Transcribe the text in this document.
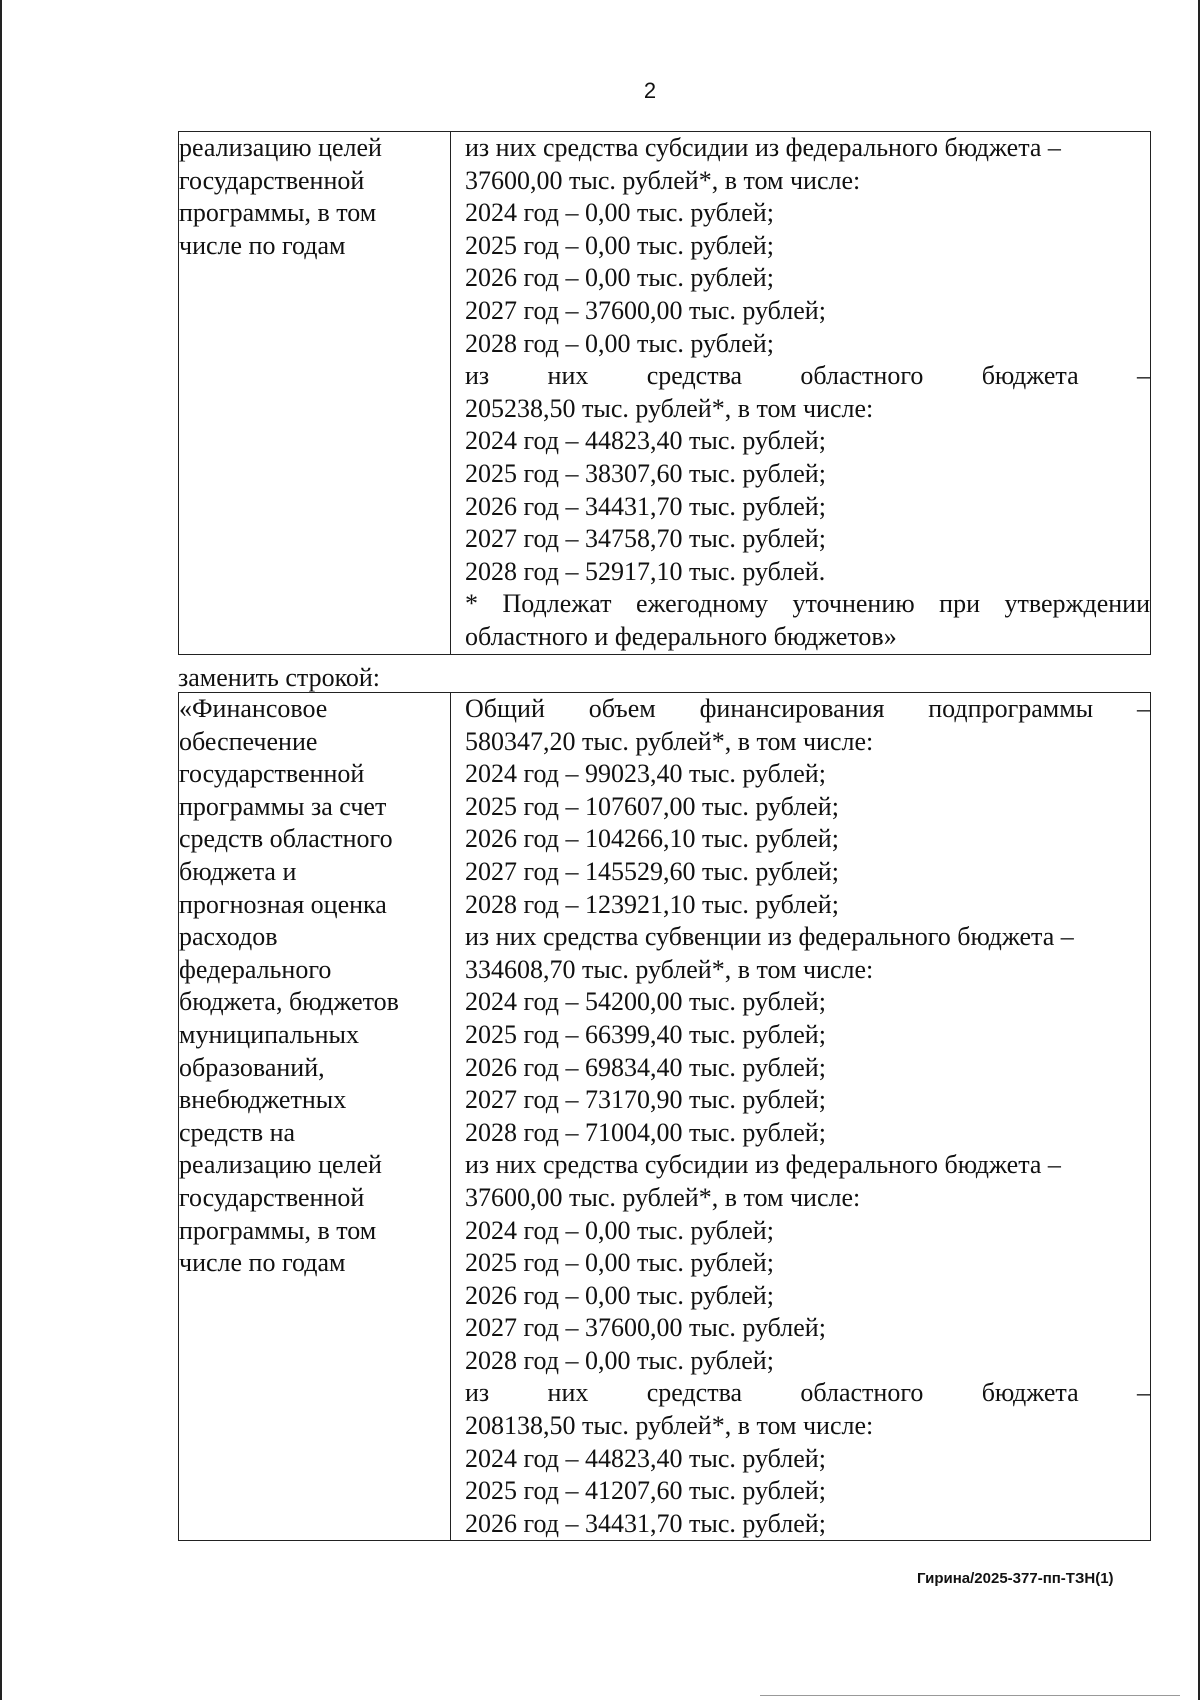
2
реализацию целей
государственной
программы, в том
числе по годам
из них средства субсидии из федерального бюджета –
37600,00 тыс. рублей*, в том числе:
2024 год – 0,00 тыс. рублей;
2025 год – 0,00 тыс. рублей;
2026 год – 0,00 тыс. рублей;
2027 год – 37600,00 тыс. рублей;
2028 год – 0,00 тыс. рублей;
из них средства областного бюджета –
205238,50 тыс. рублей*, в том числе:
2024 год – 44823,40 тыс. рублей;
2025 год – 38307,60 тыс. рублей;
2026 год – 34431,70 тыс. рублей;
2027 год – 34758,70 тыс. рублей;
2028 год – 52917,10 тыс. рублей.
* Подлежат ежегодному уточнению при утверждении
областного и федерального бюджетов»
заменить строкой:
«Финансовое
обеспечение
государственной
программы за счет
средств областного
бюджета и
прогнозная оценка
расходов
федерального
бюджета, бюджетов
муниципальных
образований,
внебюджетных
средств на
реализацию целей
государственной
программы, в том
числе по годам
Общий объем финансирования подпрограммы –
580347,20 тыс. рублей*, в том числе:
2024 год – 99023,40 тыс. рублей;
2025 год – 107607,00 тыс. рублей;
2026 год – 104266,10 тыс. рублей;
2027 год – 145529,60 тыс. рублей;
2028 год – 123921,10 тыс. рублей;
из них средства субвенции из федерального бюджета –
334608,70 тыс. рублей*, в том числе:
2024 год – 54200,00 тыс. рублей;
2025 год – 66399,40 тыс. рублей;
2026 год – 69834,40 тыс. рублей;
2027 год – 73170,90 тыс. рублей;
2028 год – 71004,00 тыс. рублей;
из них средства субсидии из федерального бюджета –
37600,00 тыс. рублей*, в том числе:
2024 год – 0,00 тыс. рублей;
2025 год – 0,00 тыс. рублей;
2026 год – 0,00 тыс. рублей;
2027 год – 37600,00 тыс. рублей;
2028 год – 0,00 тыс. рублей;
из них средства областного бюджета –
208138,50 тыс. рублей*, в том числе:
2024 год – 44823,40 тыс. рублей;
2025 год – 41207,60 тыс. рублей;
2026 год – 34431,70 тыс. рублей;
Гирина/2025-377-пп-ТЗН(1)
